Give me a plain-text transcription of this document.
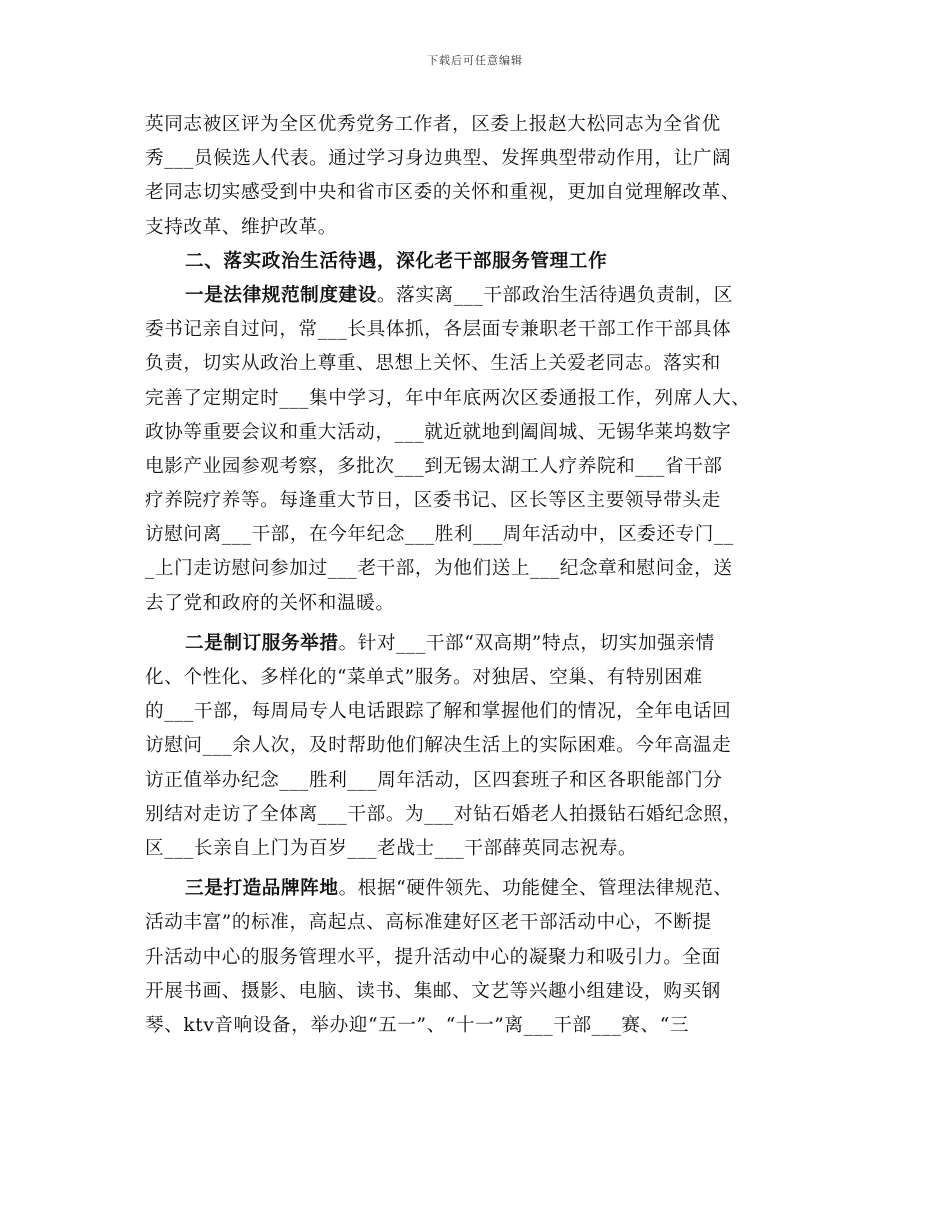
下载后可任意编辑
英同志被区评为全区优秀党务工作者，区委上报赵大松同志为全省优
秀___员候选人代表。通过学习身边典型、发挥典型带动作用，让广阔
老同志切实感受到中央和省市区委的关怀和重视，更加自觉理解改革、
支持改革、维护改革。
二、落实政治生活待遇，深化老干部服务管理工作
一是法律规范制度建设。落实离___干部政治生活待遇负责制，区
委书记亲自过问，常___长具体抓，各层面专兼职老干部工作干部具体
负责，切实从政治上尊重、思想上关怀、生活上关爱老同志。落实和
完善了定期定时___集中学习，年中年底两次区委通报工作，列席人大、
政协等重要会议和重大活动，___就近就地到阖闾城、无锡华莱坞数字
电影产业园参观考察，多批次___到无锡太湖工人疗养院和___省干部
疗养院疗养等。每逢重大节日，区委书记、区长等区主要领导带头走
访慰问离___干部，在今年纪念___胜利___周年活动中，区委还专门__
_上门走访慰问参加过___老干部，为他们送上___纪念章和慰问金，送
去了党和政府的关怀和温暖。
二是制订服务举措。针对___干部“双高期”特点，切实加强亲情
化、个性化、多样化的“菜单式”服务。对独居、空巢、有特别困难
的___干部，每周局专人电话跟踪了解和掌握他们的情况，全年电话回
访慰问___余人次，及时帮助他们解决生活上的实际困难。今年高温走
访正值举办纪念___胜利___周年活动，区四套班子和区各职能部门分
别结对走访了全体离___干部。为___对钻石婚老人拍摄钻石婚纪念照，
区___长亲自上门为百岁___老战士___干部薛英同志祝寿。
三是打造品牌阵地。根据“硬件领先、功能健全、管理法律规范、
活动丰富”的标准，高起点、高标准建好区老干部活动中心，不断提
升活动中心的服务管理水平，提升活动中心的凝聚力和吸引力。全面
开展书画、摄影、电脑、读书、集邮、文艺等兴趣小组建设，购买钢
琴、ktv音响设备，举办迎“五一”、“十一”离___干部___赛、“三
